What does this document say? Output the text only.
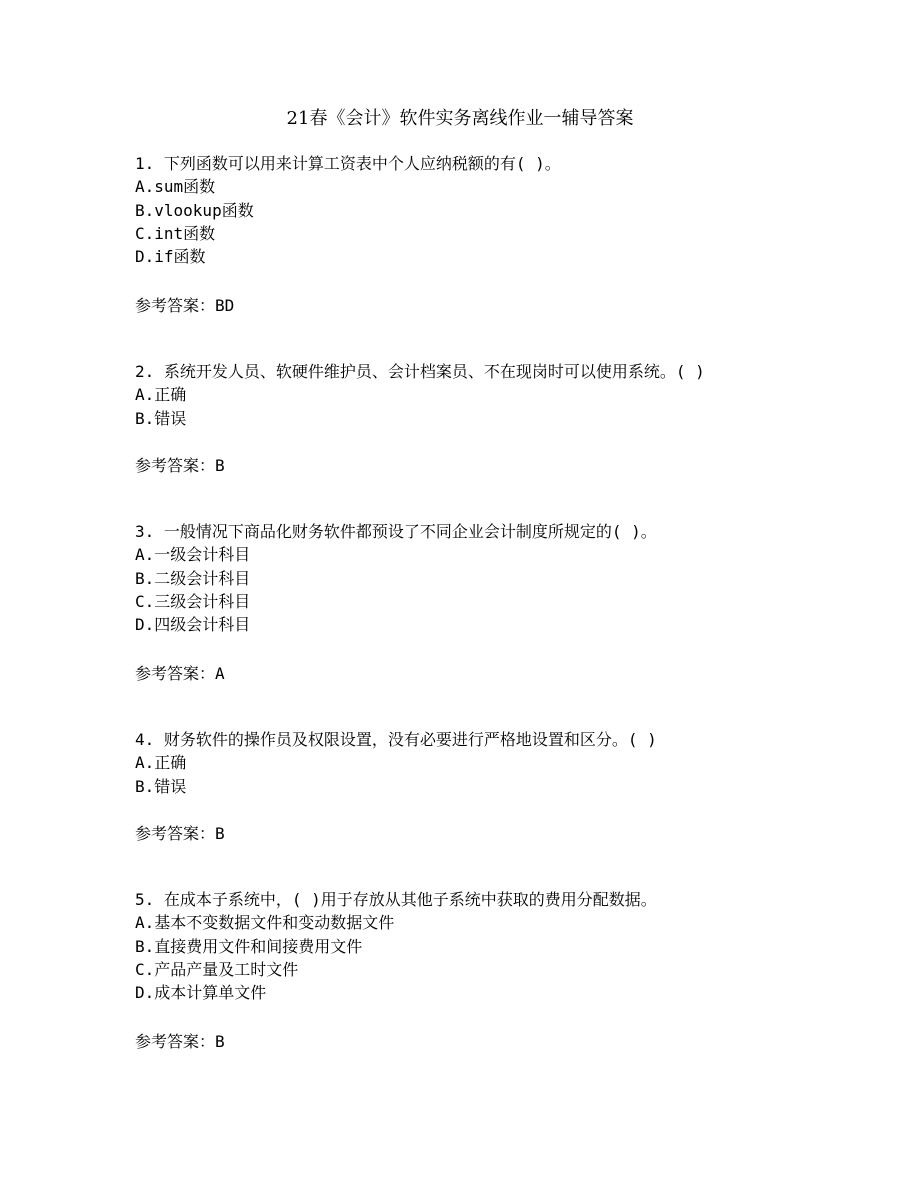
21春《会计》软件实务离线作业一辅导答案
1. 下列函数可以用来计算工资表中个人应纳税额的有( )。
A.sum函数
B.vlookup函数
C.int函数
D.if函数
参考答案：BD
2. 系统开发人员、软硬件维护员、会计档案员、不在现岗时可以使用系统。( )
A.正确
B.错误
参考答案：B
3. 一般情况下商品化财务软件都预设了不同企业会计制度所规定的( )。
A.一级会计科目
B.二级会计科目
C.三级会计科目
D.四级会计科目
参考答案：A
4. 财务软件的操作员及权限设置，没有必要进行严格地设置和区分。( )
A.正确
B.错误
参考答案：B
5. 在成本子系统中，( )用于存放从其他子系统中获取的费用分配数据。
A.基本不变数据文件和变动数据文件
B.直接费用文件和间接费用文件
C.产品产量及工时文件
D.成本计算单文件
参考答案：B
